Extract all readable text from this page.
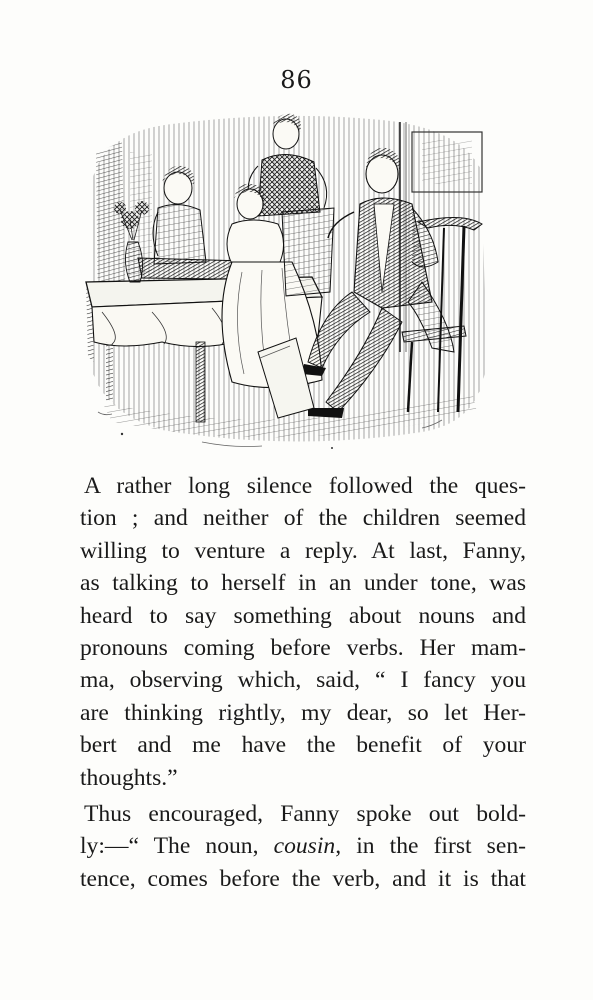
86

A rather long silence followed the ques-
tion ; and neither of the children seemed
willing to venture a reply. At last, Fanny,
as talking to herself in an under tone, was
heard to say something about nouns and
pronouns coming before verbs. Her mam-
ma, observing which, said, “ I fancy you
are thinking rightly, my dear, so let Her-
bert and me have the benefit of your
thoughts.”

Thus encouraged, Fanny spoke out bold-
ly:—“ The noun, cousin, in the first sen-
tence, comes before the verb, and it is that
